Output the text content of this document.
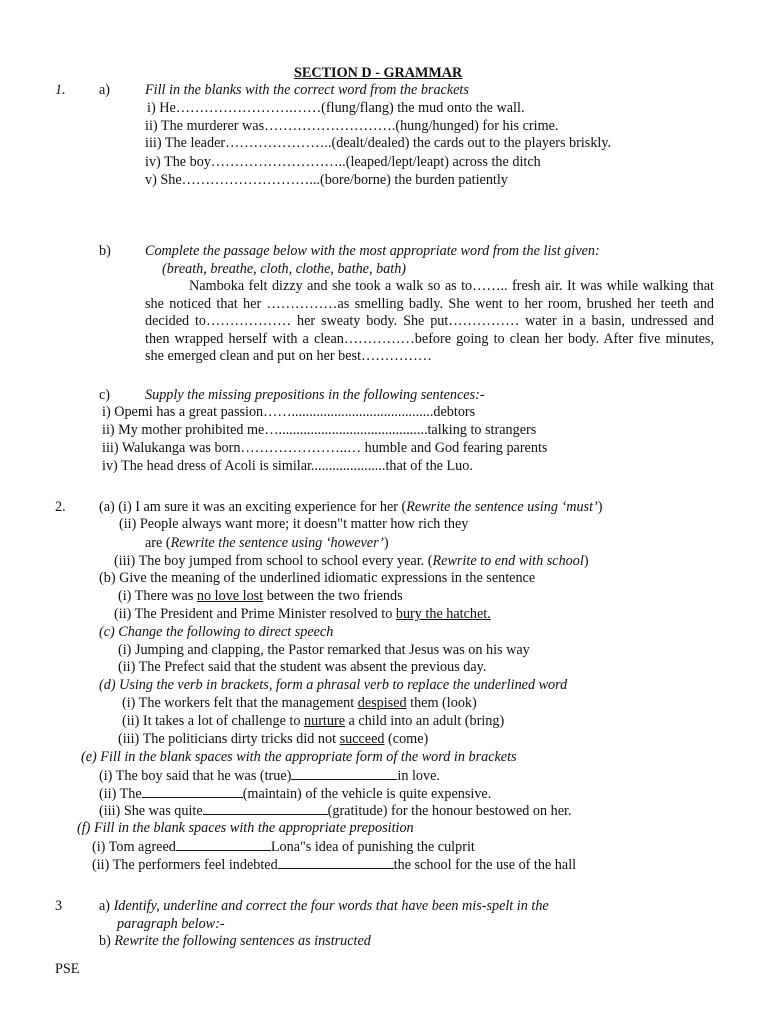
SECTION D - GRAMMAR
1. a) Fill in the blanks with the correct word from the brackets
i) He…………………….……(flung/flang) the mud onto the wall.
ii) The murderer was……………………….(hung/hunged) for his crime.
iii) The leader…………………..(dealt/dealed) the cards out to the players briskly.
iv) The boy………………………..(leaped/lept/leapt) across the ditch
v) She………………………...(bore/borne) the burden patiently
b) Complete the passage below with the most appropriate word from the list given:
(breath, breathe, cloth, clothe, bathe, bath)
Namboka felt dizzy and she took a walk so as to…….. fresh air. It was while walking that she noticed that her ……………as smelling badly. She went to her room, brushed her teeth and decided to……………… her sweaty body. She put…………… water in a basin, undressed and then wrapped herself with a clean……………before going to clean her body. After five minutes, she emerged clean and put on her best……………
c) Supply the missing prepositions in the following sentences:-
i) Opemi has a great passion……........................................debtors
ii) My mother prohibited me…..........................................talking to strangers
iii) Walukanga was born…………………..… humble and God fearing parents
iv) The head dress of Acoli is similar.....................that of the Luo.
2. (a) (i) I am sure it was an exciting experience for her (Rewrite the sentence using ‘must’)
(ii) People always want more; it doesn"t matter how rich they
are (Rewrite the sentence using ‘however’)
(iii) The boy jumped from school to school every year. (Rewrite to end with school)
(b) Give the meaning of the underlined idiomatic expressions in the sentence
(i) There was no love lost between the two friends
(ii) The President and Prime Minister resolved to bury the hatchet.
(c) Change the following to direct speech
(i) Jumping and clapping, the Pastor remarked that Jesus was on his way
(ii) The Prefect said that the student was absent the previous day.
(d) Using the verb in brackets, form a phrasal verb to replace the underlined word
(i) The workers felt that the management despised them (look)
(ii) It takes a lot of challenge to nurture a child into an adult (bring)
(iii) The politicians dirty tricks did not succeed (come)
(e) Fill in the blank spaces with the appropriate form of the word in brackets
(i) The boy said that he was (true)	in love.
(ii) The	(maintain) of the vehicle is quite expensive.
(iii) She was quite	(gratitude) for the honour bestowed on her.
(f) Fill in the blank spaces with the appropriate preposition
(i) Tom agreed	Lona"s idea of punishing the culprit
(ii) The performers feel indebted	the school for the use of the hall
3	a) Identify, underline and correct the four words that have been mis-spelt in the
paragraph below:-
b) Rewrite the following sentences as instructed
PSE
